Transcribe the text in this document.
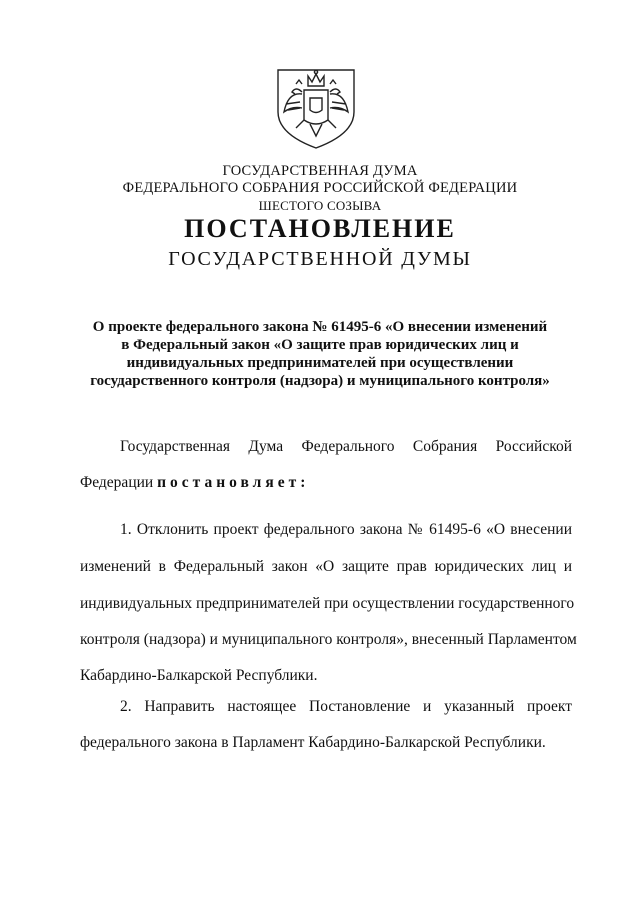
ГОСУДАРСТВЕННАЯ ДУМА
ФЕДЕРАЛЬНОГО СОБРАНИЯ РОССИЙСКОЙ ФЕДЕРАЦИИ
ШЕСТОГО СОЗЫВА
ПОСТАНОВЛЕНИЕ
ГОСУДАРСТВЕННОЙ ДУМЫ
О проекте федерального закона № 61495-6 «О внесении изменений
в Федеральный закон «О защите прав юридических лиц и
индивидуальных предпринимателей при осуществлении
государственного контроля (надзора) и муниципального контроля»
Государственная Дума Федерального Собрания Российской
Федерации постановляет:
1. Отклонить проект федерального закона № 61495-6 «О внесении
изменений в Федеральный закон «О защите прав юридических лиц и
индивидуальных предпринимателей при осуществлении государственного
контроля (надзора) и муниципального контроля», внесенный Парламентом
Кабардино-Балкарской Республики.
2. Направить настоящее Постановление и указанный проект
федерального закона в Парламент Кабардино-Балкарской Республики.
